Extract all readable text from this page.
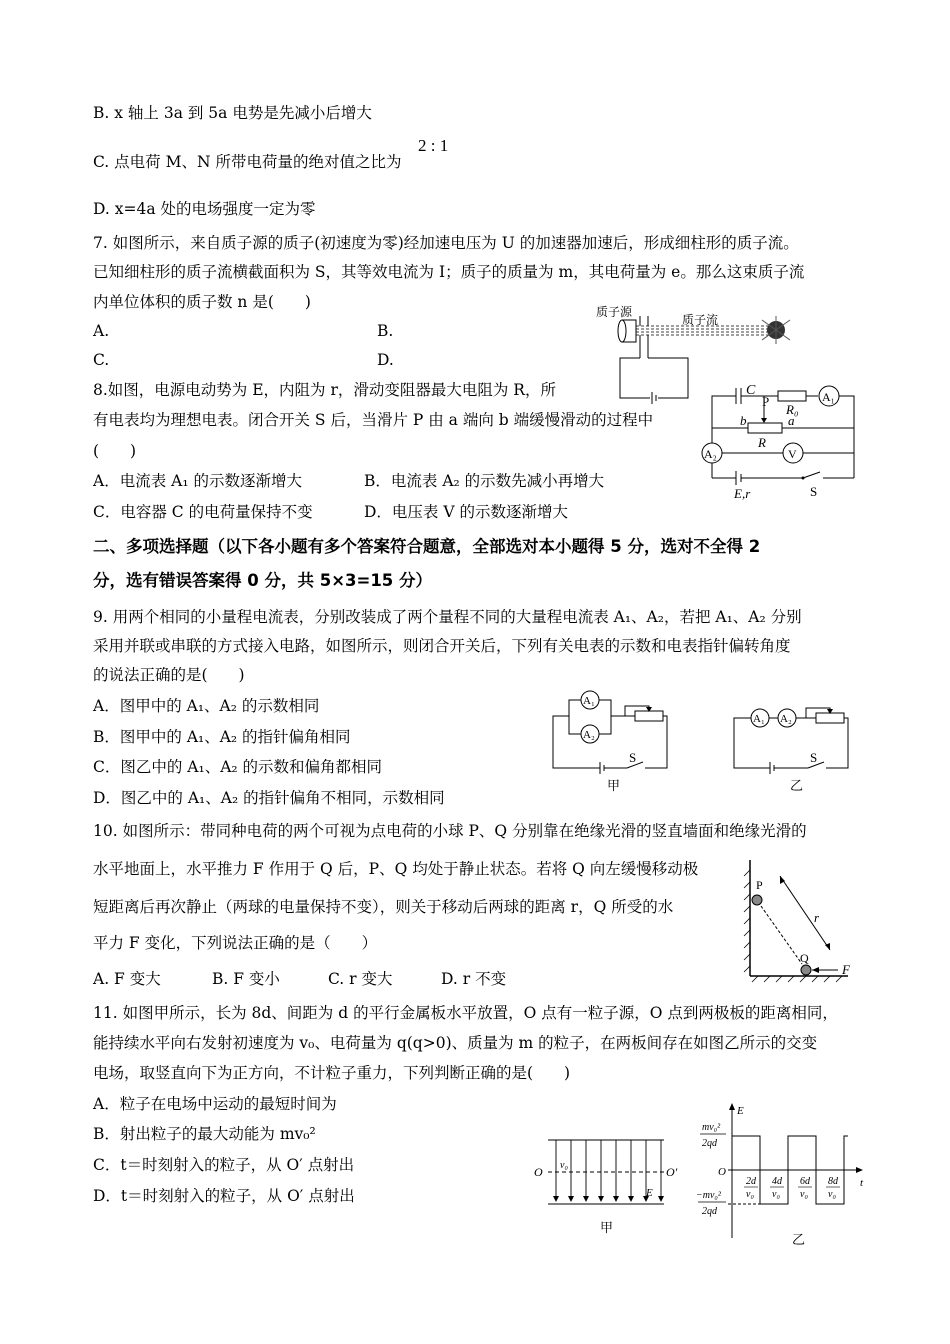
B. x 轴上 3a 到 5a 电势是先减小后增大
C. 点电荷 M、N 所带电荷量的绝对值之比为
2 : 1
D. x=4a 处的电场强度一定为零
7. 如图所示，来自质子源的质子(初速度为零)经加速电压为 U 的加速器加速后，形成细柱形的质子流。
已知细柱形的质子流横截面积为 S，其等效电流为 I；质子的质量为 m，其电荷量为 e。那么这束质子流
内单位体积的质子数 n 是(　　)
A.	B.
C.	D.
质子源
质子流
8.如图，电源电动势为 E，内阻为 r，滑动变阻器最大电阻为 R，所
有电表均为理想电表。闭合开关 S 后，当滑片 P 由 a 端向 b 端缓慢滑动的过程中
(　　)
A．电流表 A₁ 的示数逐渐增大	B．电流表 A₂ 的示数先减小再增大
C．电容器 C 的电荷量保持不变	D．电压表 V 的示数逐渐增大
C
R₀
A₁
P
b	a
R
A₂	V
E,r	S
二、多项选择题（以下各小题有多个答案符合题意，全部选对本小题得 5 分，选对不全得 2
分，选有错误答案得 0 分，共 5×3=15 分）
9. 用两个相同的小量程电流表，分别改装成了两个量程不同的大量程电流表 A₁、A₂，若把 A₁、A₂ 分别
采用并联或串联的方式接入电路，如图所示，则闭合开关后，下列有关电表的示数和电表指针偏转角度
的说法正确的是(　　)
A．图甲中的 A₁、A₂ 的示数相同
B．图甲中的 A₁、A₂ 的指针偏角相同
C．图乙中的 A₁、A₂ 的示数和偏角都相同
D．图乙中的 A₁、A₂ 的指针偏角不相同，示数相同
A₁
A₂
S
甲
A₁ A₂
S
乙
10. 如图所示：带同种电荷的两个可视为点电荷的小球 P、Q 分别靠在绝缘光滑的竖直墙面和绝缘光滑的
水平地面上，水平推力 F 作用于 Q 后，P、Q 均处于静止状态。若将 Q 向左缓慢移动极
短距离后再次静止（两球的电量保持不变），则关于移动后两球的距离 r，Q 所受的水
平力 F 变化，下列说法正确的是（　　）
A. F 变大	B. F 变小	C. r 变大	D. r 不变
P
Q
r
F
11. 如图甲所示，长为 8d、间距为 d 的平行金属板水平放置，O 点有一粒子源，O 点到两极板的距离相同，
能持续水平向右发射初速度为 v₀、电荷量为 q(q>0)、质量为 m 的粒子，在两板间存在如图乙所示的交变
电场，取竖直向下为正方向，不计粒子重力，下列判断正确的是(　　)
A．粒子在电场中运动的最短时间为
B．射出粒子的最大动能为 mv₀²
C．t＝时刻射入的粒子，从 O′ 点射出
D．t＝时刻射入的粒子，从 O′ 点射出
O	O′
v₀
E
甲
E
t
O
mv₀²
2qd
−mv₀²
2qd
2d
v₀
4d
v₀
6d
v₀
8d
v₀
乙
